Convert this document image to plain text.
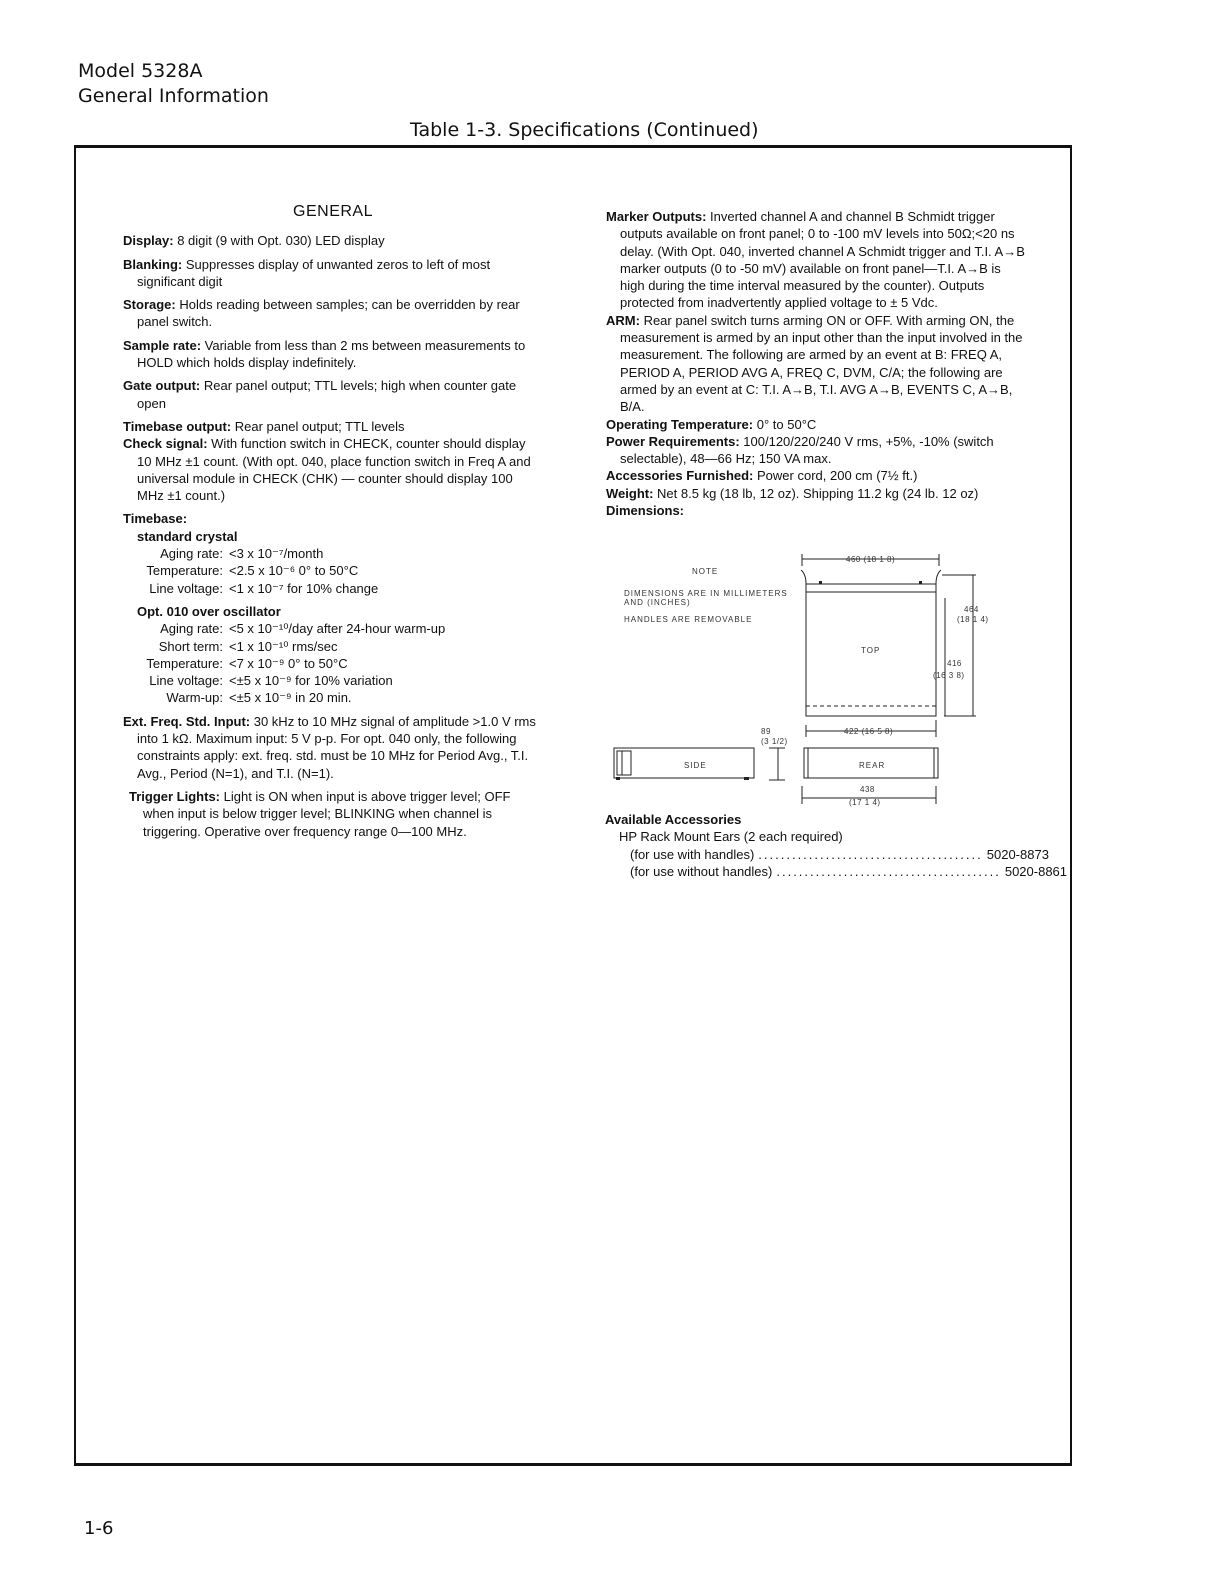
Model 5328A
General Information
Table 1-3. Specifications (Continued)
GENERAL
Display: 8 digit (9 with Opt. 030) LED display
Blanking: Suppresses display of unwanted zeros to left of most significant digit
Storage: Holds reading between samples; can be overridden by rear panel switch.
Sample rate: Variable from less than 2 ms between measurements to HOLD which holds display indefinitely.
Gate output: Rear panel output; TTL levels; high when counter gate open
Timebase output: Rear panel output; TTL levels
Check signal: With function switch in CHECK, counter should display 10 MHz ±1 count. (With opt. 040, place function switch in Freq A and universal module in CHECK (CHK) — counter should display 100 MHz ±1 count.)
Timebase:
standard crystal
Aging rate: <3 x 10⁻⁷/month
Temperature: <2.5 x 10⁻⁶ 0° to 50°C
Line voltage: <1 x 10⁻⁷ for 10% change
Opt. 010 over oscillator
Aging rate: <5 x 10⁻¹⁰/day after 24-hour warm-up
Short term: <1 x 10⁻¹⁰ rms/sec
Temperature: <7 x 10⁻⁹ 0° to 50°C
Line voltage: <±5 x 10⁻⁹ for 10% variation
Warm-up: <±5 x 10⁻⁹ in 20 min.
Ext. Freq. Std. Input: 30 kHz to 10 MHz signal of amplitude >1.0 V rms into 1 kΩ. Maximum input: 5 V p-p. For opt. 040 only, the following constraints apply: ext. freq. std. must be 10 MHz for Period Avg., T.I. Avg., Period (N=1), and T.I. (N=1).
Trigger Lights: Light is ON when input is above trigger level; OFF when input is below trigger level; BLINKING when channel is triggering. Operative over frequency range 0—100 MHz.
Marker Outputs: Inverted channel A and channel B Schmidt trigger outputs available on front panel; 0 to -100 mV levels into 50Ω;<20 ns delay. (With Opt. 040, inverted channel A Schmidt trigger and T.I. A→B marker outputs (0 to -50 mV) available on front panel—T.I. A→B is high during the time interval measured by the counter). Outputs protected from inadvertently applied voltage to ± 5 Vdc.
ARM: Rear panel switch turns arming ON or OFF. With arming ON, the measurement is armed by an input other than the input involved in the measurement. The following are armed by an event at B: FREQ A, PERIOD A, PERIOD AVG A, FREQ C, DVM, C/A; the following are armed by an event at C: T.I. A→B, T.I. AVG A→B, EVENTS C, A→B, B/A.
Operating Temperature: 0° to 50°C
Power Requirements: 100/120/220/240 V rms, +5%, -10% (switch selectable), 48—66 Hz; 150 VA max.
Accessories Furnished: Power cord, 200 cm (7½ ft.)
Weight: Net 8.5 kg (18 lb, 12 oz). Shipping 11.2 kg (24 lb. 12 oz)
Dimensions:
NOTE
DIMENSIONS ARE IN MILLIMETERS
AND (INCHES)
HANDLES ARE REMOVABLE
TOP
SIDE	REAR
460 (18 1 8)
464
(18 1 4)
416
(16 3 8)
422 (16 5 8)
89
(3 1/2)
438
(17 1 4)
Available Accessories
HP Rack Mount Ears (2 each required)
(for use with handles) ........................................ 5020-8873
(for use without handles) ........................................ 5020-8861
1-6
